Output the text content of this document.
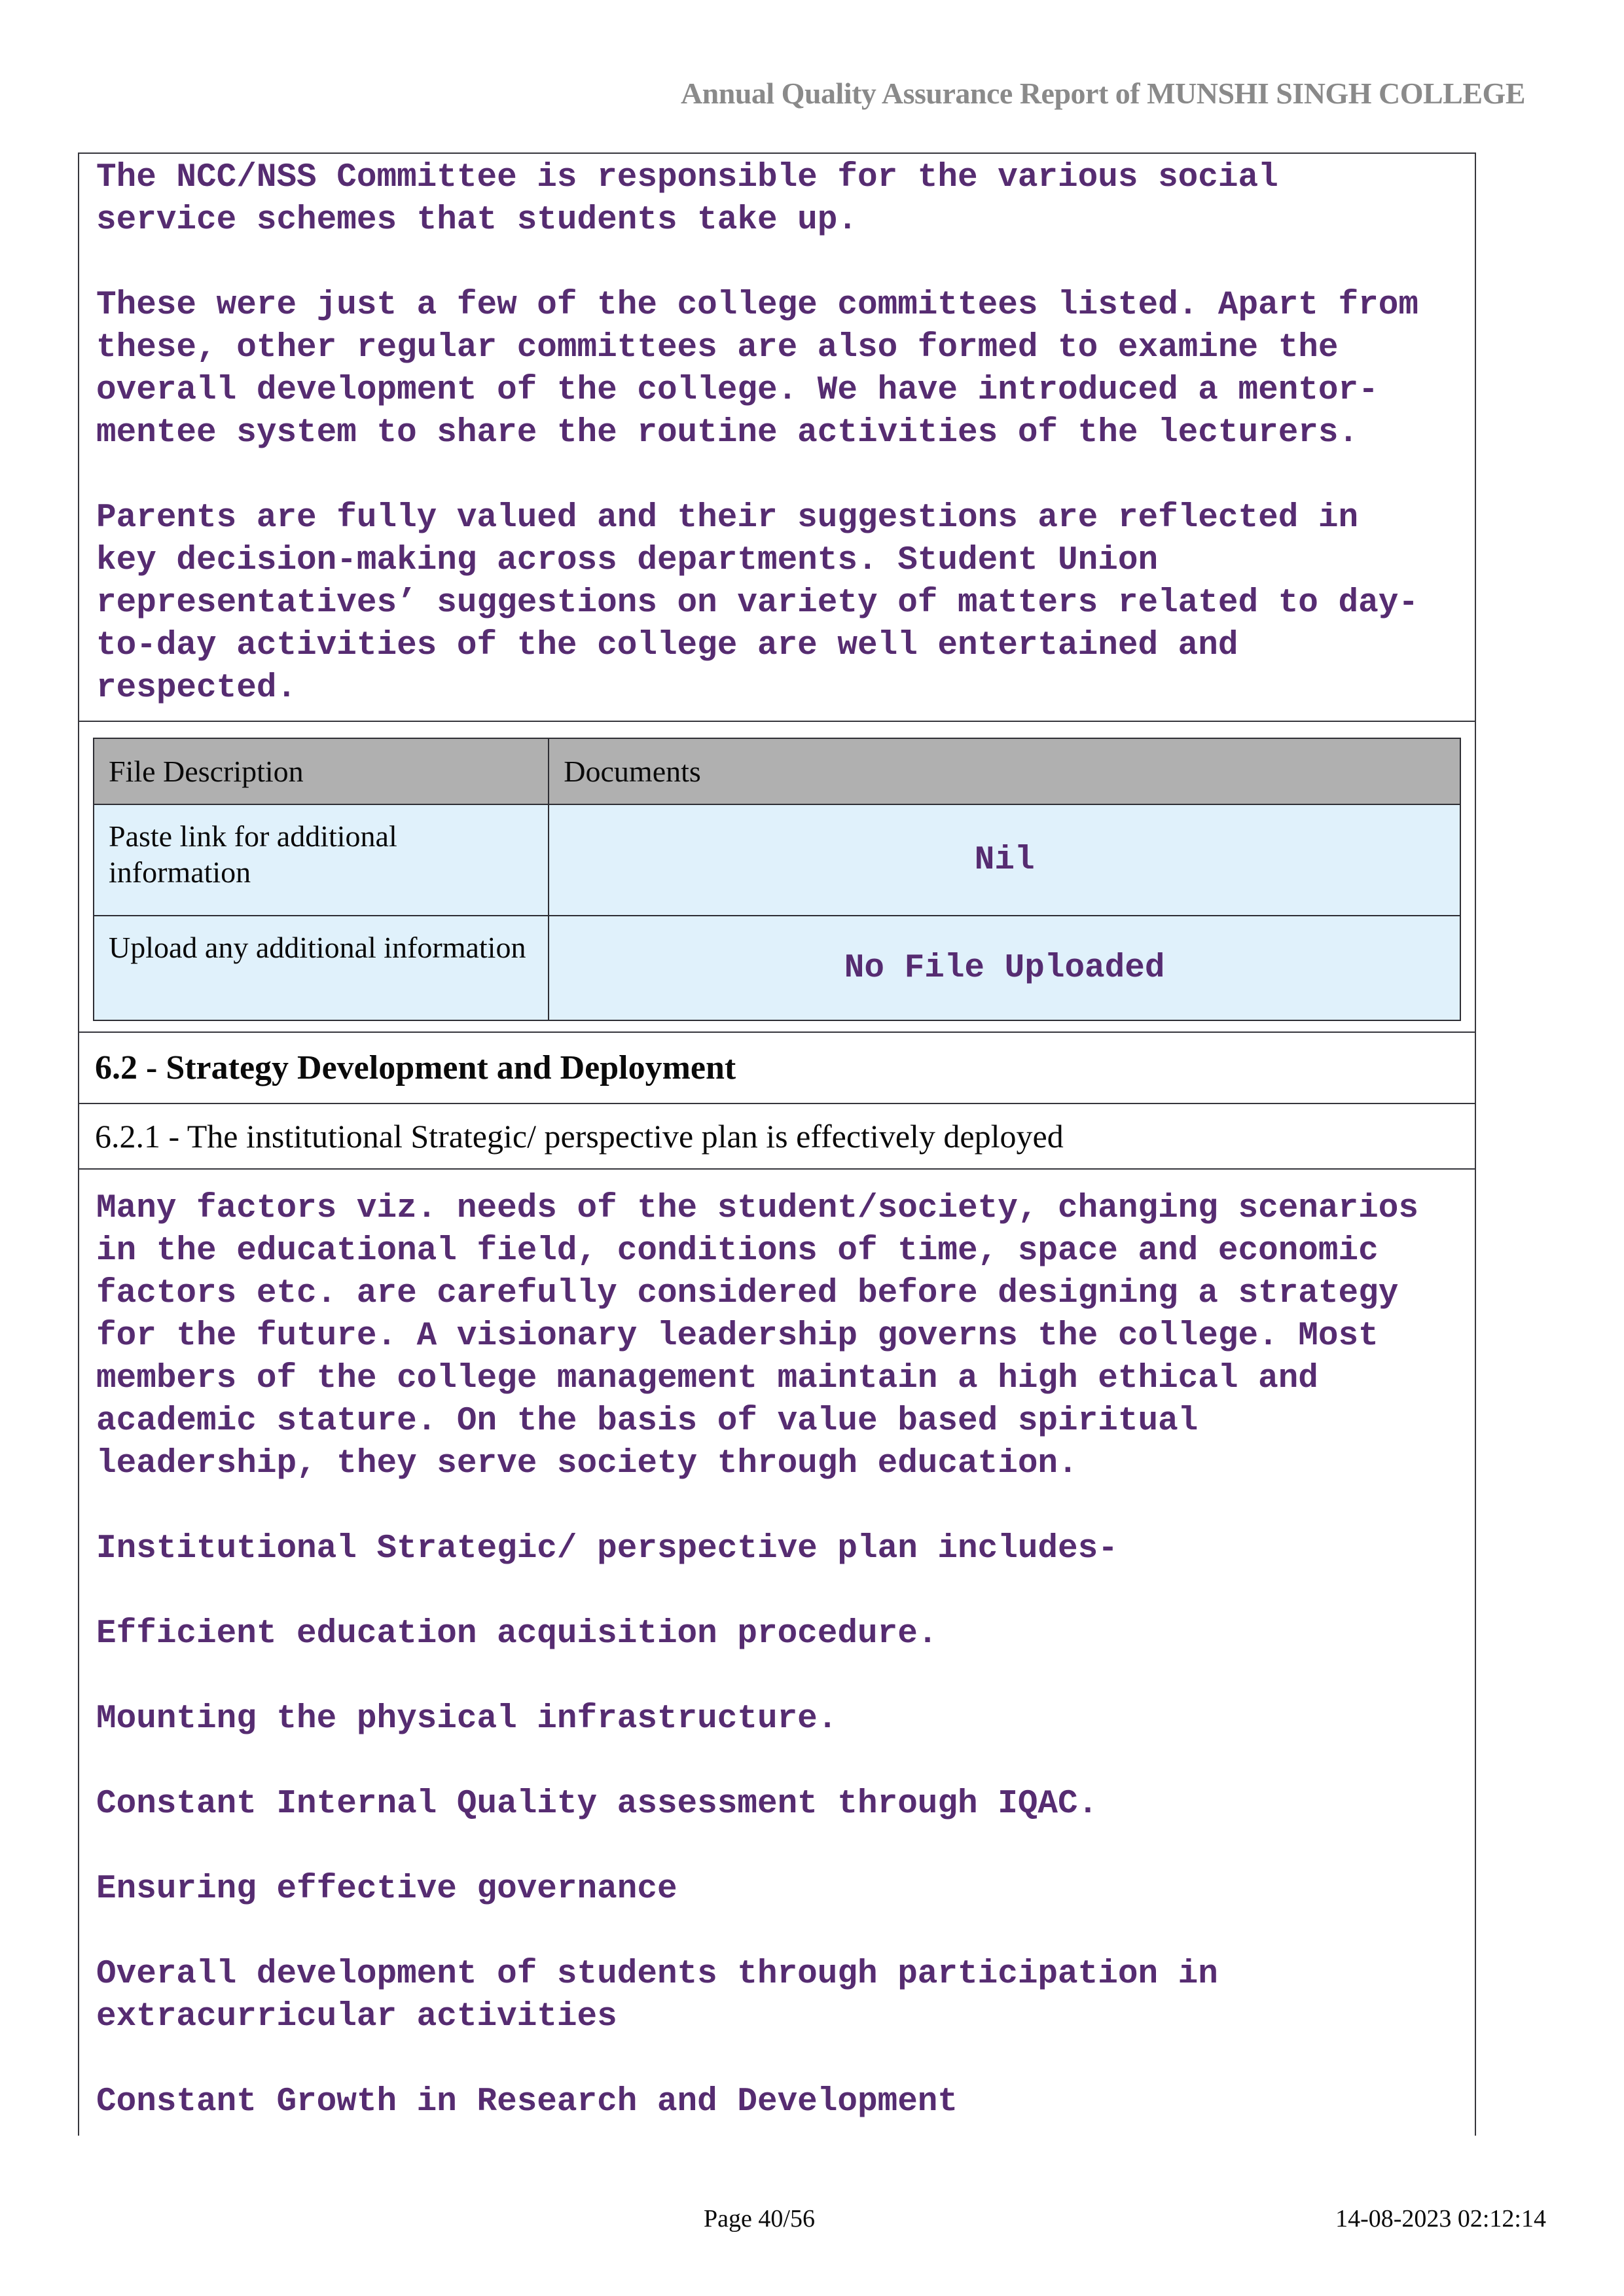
Annual Quality Assurance Report of MUNSHI SINGH COLLEGE
The NCC/NSS Committee is responsible for the various social
service schemes that students take up.

These were just a few of the college committees listed. Apart from
these, other regular committees are also formed to examine the
overall development of the college. We have introduced a mentor-
mentee system to share the routine activities of the lecturers.

Parents are fully valued and their suggestions are reflected in
key decision-making across departments. Student Union
representatives’ suggestions on variety of matters related to day-
to-day activities of the college are well entertained and
respected.
File Description	Documents
Paste link for additional information	Nil
Upload any additional information	No File Uploaded
6.2 - Strategy Development and Deployment
6.2.1 - The institutional Strategic/ perspective plan is effectively deployed
Many factors viz. needs of the student/society, changing scenarios
in the educational field, conditions of time, space and economic
factors etc. are carefully considered before designing a strategy
for the future. A visionary leadership governs the college. Most
members of the college management maintain a high ethical and
academic stature. On the basis of value based spiritual
leadership, they serve society through education.

Institutional Strategic/ perspective plan includes-

Efficient education acquisition procedure.

Mounting the physical infrastructure.

Constant Internal Quality assessment through IQAC.

Ensuring effective governance

Overall development of students through participation in
extracurricular activities

Constant Growth in Research and Development
Page 40/56	14-08-2023 02:12:14
